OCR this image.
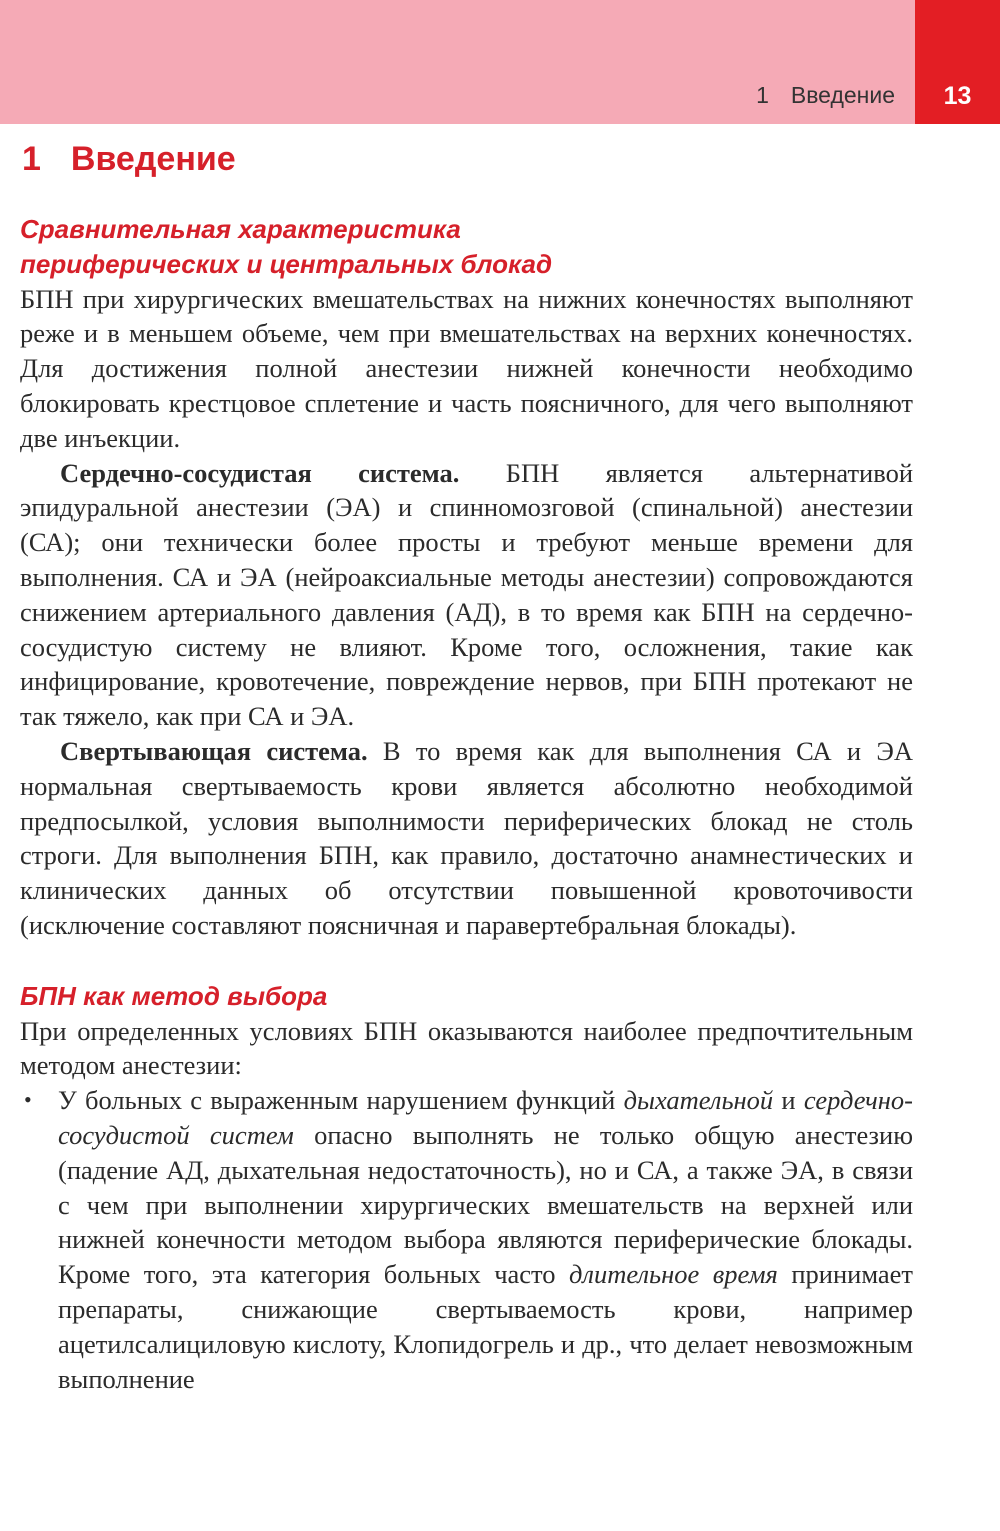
1 Введение	13
1 Введение
Сравнительная характеристика
периферических и центральных блокад

БПН при хирургических вмешательствах на нижних конечностях выполняют реже и в меньшем объеме, чем при вмешательствах на верхних конечностях. Для достижения полной анестезии нижней конечности необходимо блокировать крестцовое сплетение и часть поясничного, для чего выполняют две инъекции.

Сердечно-сосудистая система. БПН является альтернативой эпидуральной анестезии (ЭА) и спинномозговой (спинальной) анестезии (СА); они технически более просты и требуют меньше времени для выполнения. СА и ЭА (нейроаксиальные методы анестезии) сопровождаются снижением артериального давления (АД), в то время как БПН на сердечно-сосудистую систему не влияют. Кроме того, осложнения, такие как инфицирование, кровотечение, повреждение нервов, при БПН протекают не так тяжело, как при СА и ЭА.

Свертывающая система. В то время как для выполнения СА и ЭА нормальная свертываемость крови является абсолютно необходимой предпосылкой, условия выполнимости периферических блокад не столь строги. Для выполнения БПН, как правило, достаточно анамнестических и клинических данных об отсутствии повышенной кровоточивости (исключение составляют поясничная и паравертебральная блокады).

БПН как метод выбора

При определенных условиях БПН оказываются наиболее предпочтительным методом анестезии:

• У больных с выраженным нарушением функций дыхательной и сердечно-сосудистой систем опасно выполнять не только общую анестезию (падение АД, дыхательная недостаточность), но и СА, а также ЭА, в связи с чем при выполнении хирургических вмешательств на верхней или нижней конечности методом выбора являются периферические блокады. Кроме того, эта категория больных часто длительное время принимает препараты, снижающие свертываемость крови, например ацетилсалициловую кислоту, Клопидогрель и др., что делает невозможным выполнение
